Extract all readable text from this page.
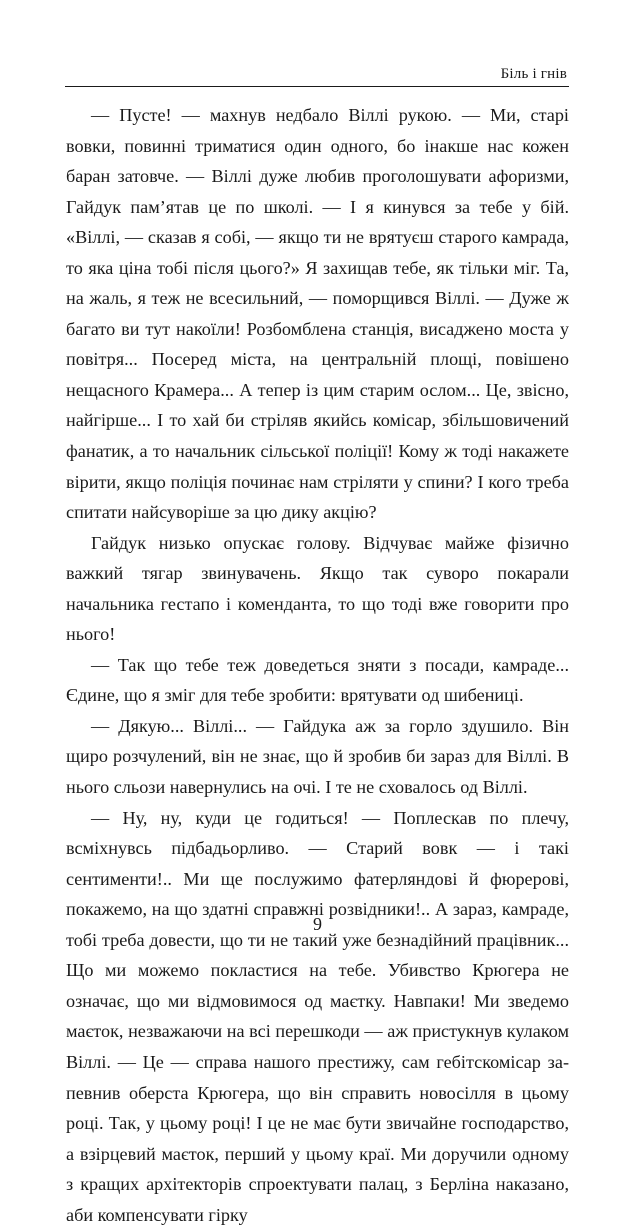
Біль і гнів

— Пусте! — махнув недбало Віллі рукою. — Ми, старі вовки, повинні триматися один одного, бо інакше нас кожен баран затовче. — Віллі дуже любив проголошувати афоризми, Гайдук пам’ятав це по школі. — І я кинувся за тебе у бій. «Віллі, — сказав я собі, — якщо ти не врятуєш старого камрада, то яка ціна тобі після цього?» Я захищав тебе, як тільки міг. Та, на жаль, я теж не всесильний, — поморщився Віллі. — Дуже ж багато ви тут накоїли! Розбомблена станція, висаджено моста у повітря... Посеред міста, на центральній площі, повішено нещасного Крамера... А тепер із цим старим ослом... Це, звісно, найгірше... І то хай би стріляв якийсь комісар, збільшовичений фанатик, а то начальник сільської поліції! Кому ж тоді накажете вірити, якщо поліція починає нам стріляти у спини? І кого треба спитати найсуворіше за цю дику акцію?

Гайдук низько опускає голову. Відчуває майже фізично важкий тягар звинувачень. Якщо так суворо покарали начальника гестапо і коменданта, то що тоді вже говорити про нього!

— Так що тебе теж доведеться зняти з посади, камраде... Єдине, що я зміг для тебе зробити: врятувати од шибениці.

— Дякую... Віллі... — Гайдука аж за горло здушило. Він щиро розчулений, він не знає, що й зробив би зараз для Віллі. В нього сльози навернулись на очі. І те не сховалось од Віллі.

— Ну, ну, куди це годиться! — Поплескав по плечу, всміхнувсь підбадьорливо. — Старий вовк — і такі сентименти!.. Ми ще послужимо фатерляндові й фюрерові, покажемо, на що здатні справжні розвідники!.. А зараз, камраде, тобі треба довести, що ти не такий уже безнадійний працівник... Що ми можемо покластися на тебе. Убивство Крюгера не означає, що ми відмовимося од маєтку. Навпаки! Ми зведемо маєток, незважаючи на всі перешкоди — аж пристукнув кулаком Віллі. — Це — справа нашого престижу, сам гебітскомісар запевнив оберста Крюгера, що він справить новосілля в цьому році. Так, у цьому році! І це не має бути звичайне господарство, а взірцевий маєток, перший у цьому краї. Ми доручили одному з кращих архітекторів спроектувати палац, з Берліна наказано, аби компенсувати гірку

9
